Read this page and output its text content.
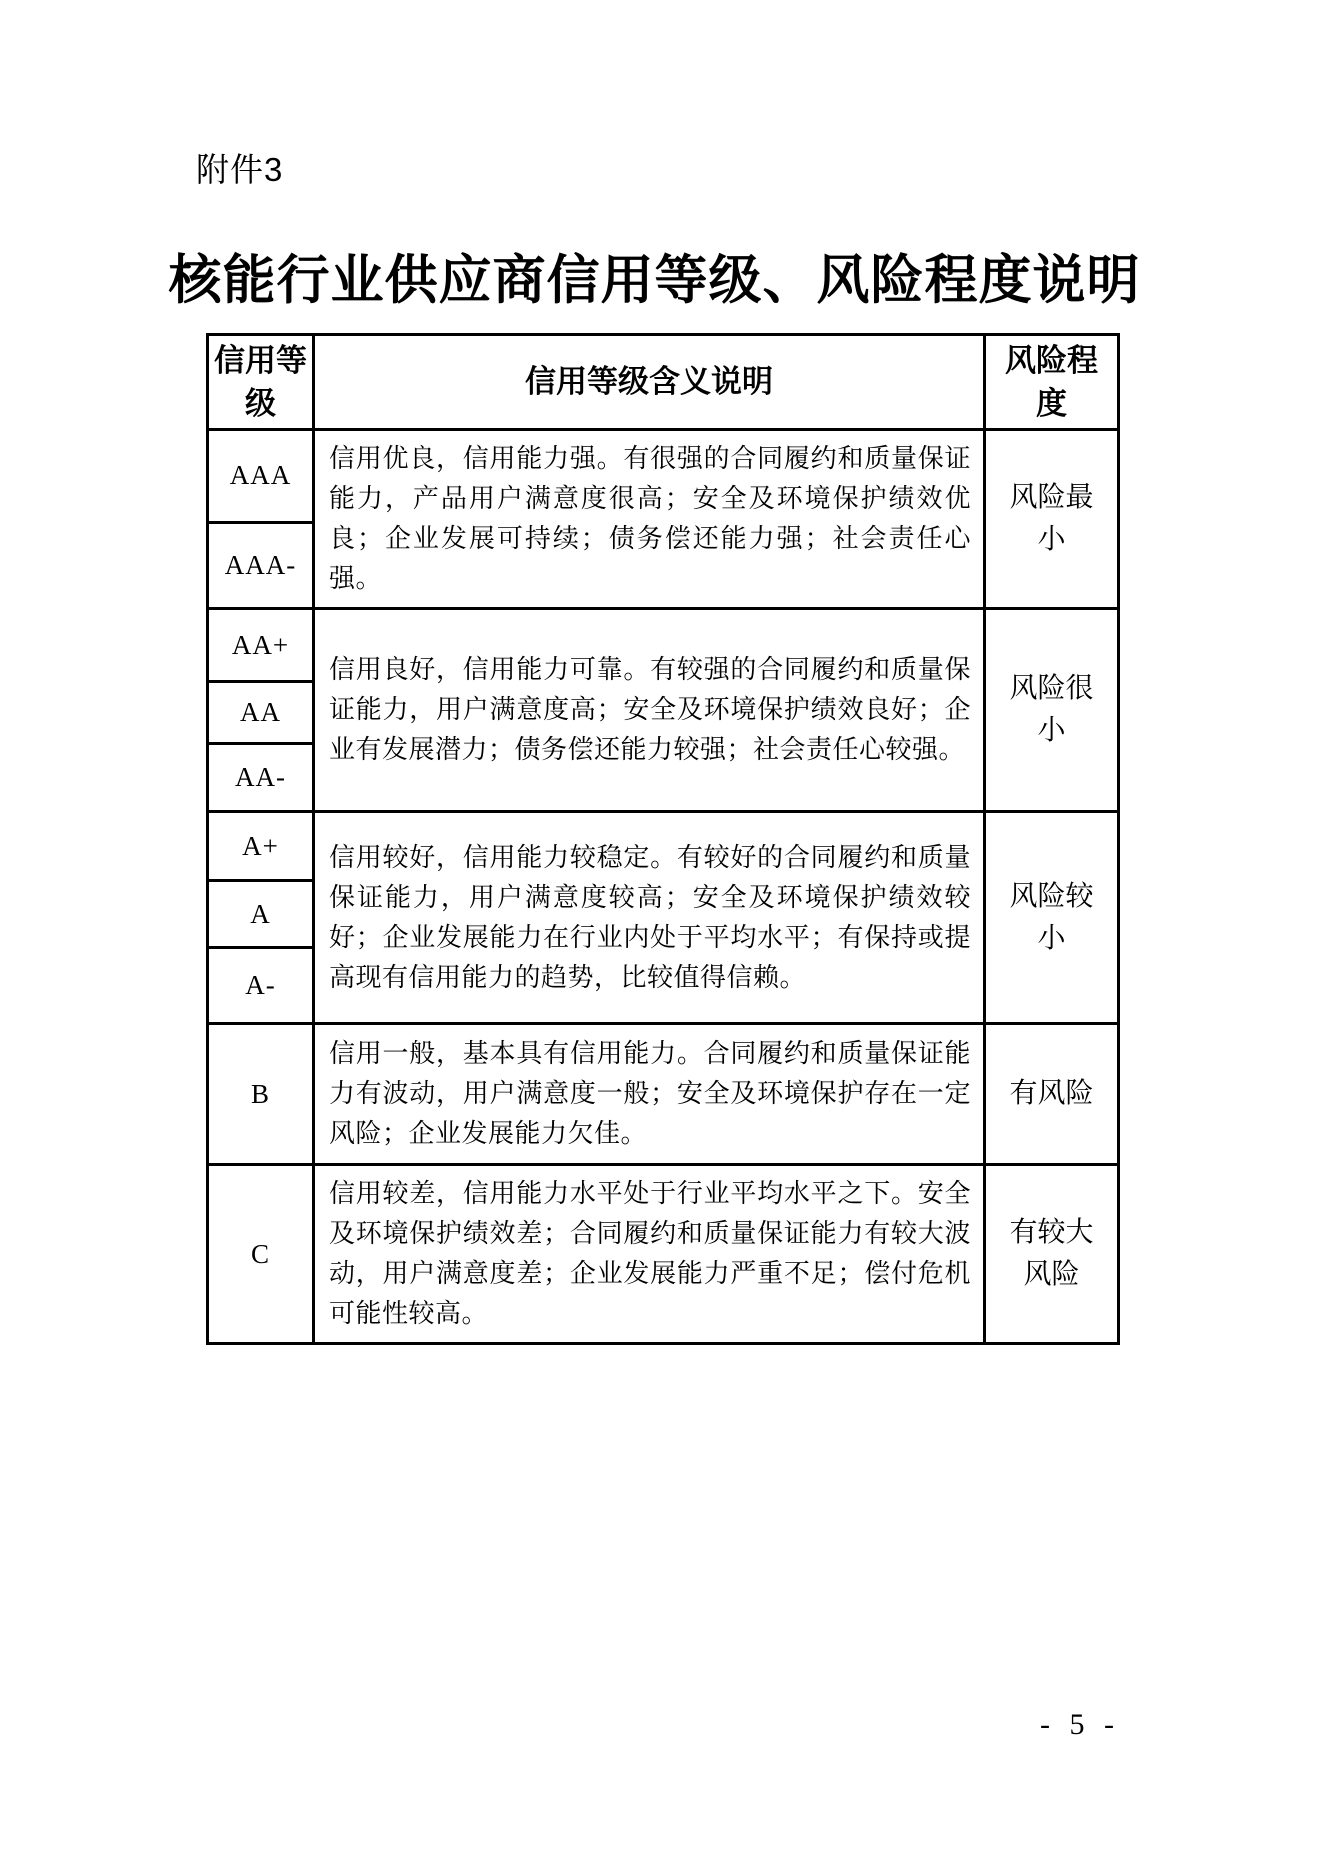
附件3
核能行业供应商信用等级、风险程度说明
信用等级	信用等级含义说明	风险程度
AAA	信用优良，信用能力强。有很强的合同履约和质量保证能力，产品用户满意度很高；安全及环境保护绩效优良；企业发展可持续；债务偿还能力强；社会责任心强。	风险最小
AAA-		
AA+	信用良好，信用能力可靠。有较强的合同履约和质量保证能力，用户满意度高；安全及环境保护绩效良好；企业有发展潜力；债务偿还能力较强；社会责任心较强。	风险很小
AA		
AA-		
A+	信用较好，信用能力较稳定。有较好的合同履约和质量保证能力，用户满意度较高；安全及环境保护绩效较好；企业发展能力在行业内处于平均水平；有保持或提高现有信用能力的趋势，比较值得信赖。	风险较小
A		
A-		
B	信用一般，基本具有信用能力。合同履约和质量保证能力有波动，用户满意度一般；安全及环境保护存在一定风险；企业发展能力欠佳。	有风险
C	信用较差，信用能力水平处于行业平均水平之下。安全及环境保护绩效差；合同履约和质量保证能力有较大波动，用户满意度差；企业发展能力严重不足；偿付危机可能性较高。	有较大风险
- 5 -
